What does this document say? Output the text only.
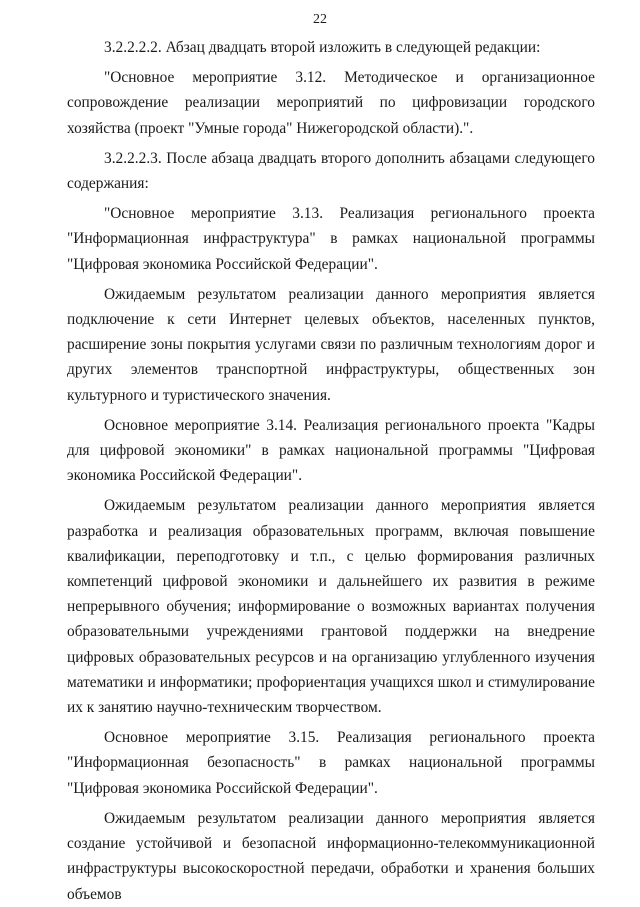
22

3.2.2.2.2. Абзац двадцать второй изложить в следующей редакции:

"Основное мероприятие 3.12. Методическое и организационное сопровождение реализации мероприятий по цифровизации городского хозяйства (проект "Умные города" Нижегородской области).".

3.2.2.2.3. После абзаца двадцать второго дополнить абзацами следующего содержания:

"Основное мероприятие 3.13. Реализация регионального проекта "Информационная инфраструктура" в рамках национальной программы "Цифровая экономика Российской Федерации".

Ожидаемым результатом реализации данного мероприятия является подключение к сети Интернет целевых объектов, населенных пунктов, расширение зоны покрытия услугами связи по различным технологиям дорог и других элементов транспортной инфраструктуры, общественных зон культурного и туристического значения.

Основное мероприятие 3.14. Реализация регионального проекта "Кадры для цифровой экономики" в рамках национальной программы "Цифровая экономика Российской Федерации".

Ожидаемым результатом реализации данного мероприятия является разработка и реализация образовательных программ, включая повышение квалификации, переподготовку и т.п., с целью формирования различных компетенций цифровой экономики и дальнейшего их развития в режиме непрерывного обучения; информирование о возможных вариантах получения образовательными учреждениями грантовой поддержки на внедрение цифровых образовательных ресурсов и на организацию углубленного изучения математики и информатики; профориентация учащихся школ и стимулирование их к занятию научно-техническим творчеством.

Основное мероприятие 3.15. Реализация регионального проекта "Информационная безопасность" в рамках национальной программы "Цифровая экономика Российской Федерации".

Ожидаемым результатом реализации данного мероприятия является создание устойчивой и безопасной информационно-телекоммуникационной инфраструктуры высокоскоростной передачи, обработки и хранения больших объемов
